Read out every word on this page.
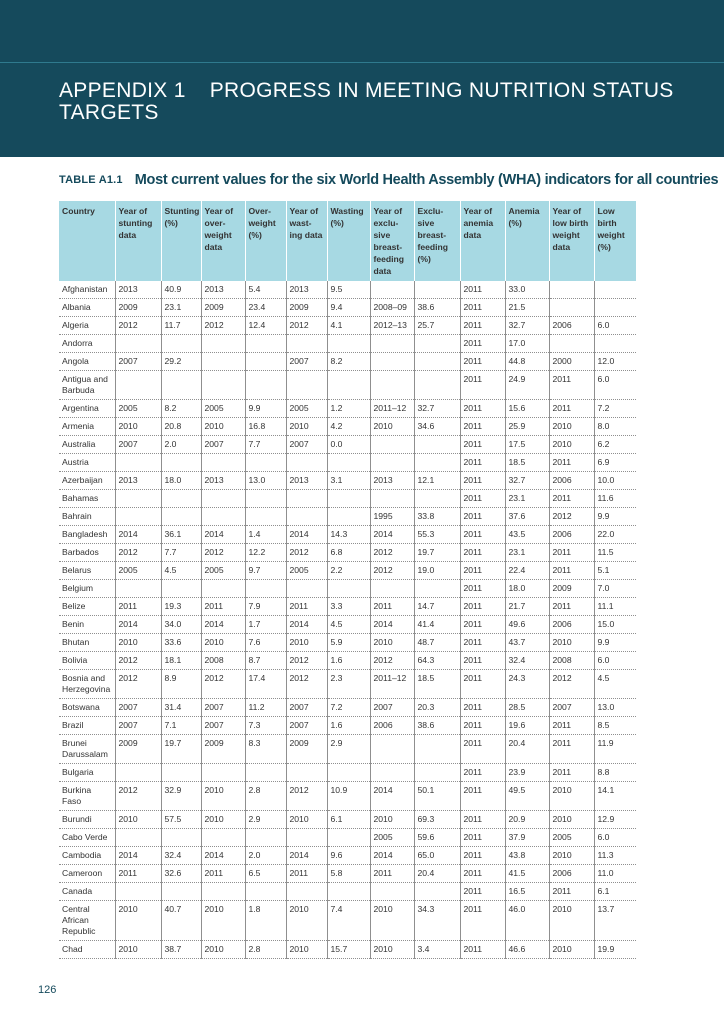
APPENDIX 1 PROGRESS IN MEETING NUTRITION STATUS TARGETS
TABLE A1.1 Most current values for the six World Health Assembly (WHA) indicators for all countries
Country	Year of stunting data	Stunting (%)	Year of over-weight data	Over-weight (%)	Year of wast-ing data	Wasting (%)	Year of exclu-sive breast-feeding data	Exclu-sive breast-feeding (%)	Year of anemia data	Anemia (%)	Year of low birth weight data	Low birth weight (%)
Afghanistan	2013	40.9	2013	5.4	2013	9.5			2011	33.0		
Albania	2009	23.1	2009	23.4	2009	9.4	2008–09	38.6	2011	21.5		
Algeria	2012	11.7	2012	12.4	2012	4.1	2012–13	25.7	2011	32.7	2006	6.0
Andorra									2011	17.0		
Angola	2007	29.2			2007	8.2			2011	44.8	2000	12.0
Antigua and Barbuda									2011	24.9	2011	6.0
Argentina	2005	8.2	2005	9.9	2005	1.2	2011–12	32.7	2011	15.6	2011	7.2
Armenia	2010	20.8	2010	16.8	2010	4.2	2010	34.6	2011	25.9	2010	8.0
Australia	2007	2.0	2007	7.7	2007	0.0			2011	17.5	2010	6.2
Austria									2011	18.5	2011	6.9
Azerbaijan	2013	18.0	2013	13.0	2013	3.1	2013	12.1	2011	32.7	2006	10.0
Bahamas									2011	23.1	2011	11.6
Bahrain							1995	33.8	2011	37.6	2012	9.9
Bangladesh	2014	36.1	2014	1.4	2014	14.3	2014	55.3	2011	43.5	2006	22.0
Barbados	2012	7.7	2012	12.2	2012	6.8	2012	19.7	2011	23.1	2011	11.5
Belarus	2005	4.5	2005	9.7	2005	2.2	2012	19.0	2011	22.4	2011	5.1
Belgium									2011	18.0	2009	7.0
Belize	2011	19.3	2011	7.9	2011	3.3	2011	14.7	2011	21.7	2011	11.1
Benin	2014	34.0	2014	1.7	2014	4.5	2014	41.4	2011	49.6	2006	15.0
Bhutan	2010	33.6	2010	7.6	2010	5.9	2010	48.7	2011	43.7	2010	9.9
Bolivia	2012	18.1	2008	8.7	2012	1.6	2012	64.3	2011	32.4	2008	6.0
Bosnia and Herzegovina	2012	8.9	2012	17.4	2012	2.3	2011–12	18.5	2011	24.3	2012	4.5
Botswana	2007	31.4	2007	11.2	2007	7.2	2007	20.3	2011	28.5	2007	13.0
Brazil	2007	7.1	2007	7.3	2007	1.6	2006	38.6	2011	19.6	2011	8.5
Brunei Darussalam	2009	19.7	2009	8.3	2009	2.9			2011	20.4	2011	11.9
Bulgaria									2011	23.9	2011	8.8
Burkina Faso	2012	32.9	2010	2.8	2012	10.9	2014	50.1	2011	49.5	2010	14.1
Burundi	2010	57.5	2010	2.9	2010	6.1	2010	69.3	2011	20.9	2010	12.9
Cabo Verde							2005	59.6	2011	37.9	2005	6.0
Cambodia	2014	32.4	2014	2.0	2014	9.6	2014	65.0	2011	43.8	2010	11.3
Cameroon	2011	32.6	2011	6.5	2011	5.8	2011	20.4	2011	41.5	2006	11.0
Canada									2011	16.5	2011	6.1
Central African Republic	2010	40.7	2010	1.8	2010	7.4	2010	34.3	2011	46.0	2010	13.7
Chad	2010	38.7	2010	2.8	2010	15.7	2010	3.4	2011	46.6	2010	19.9
126
